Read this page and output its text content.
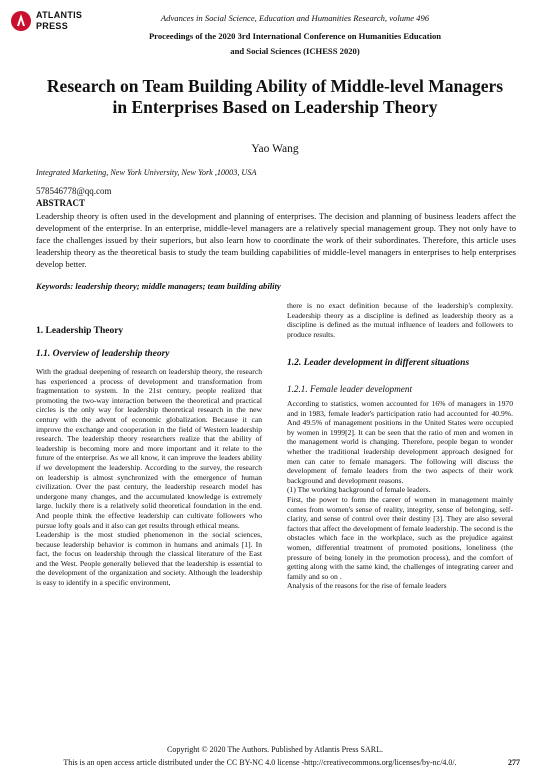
ATLANTIS
PRESS
Advances in Social Science, Education and Humanities Research, volume 496
Proceedings of the 2020 3rd International Conference on Humanities Education
and Social Sciences (ICHESS 2020)
Research on Team Building Ability of Middle-level Managers in Enterprises Based on Leadership Theory
Yao Wang
Integrated Marketing, New York University, New York ,10003, USA
578546778@qq.com
ABSTRACT
Leadership theory is often used in the development and planning of enterprises. The decision and planning of business leaders affect the development of the enterprise. In an enterprise, middle-level managers are a relatively special management group. They not only have to face the challenges issued by their superiors, but also learn how to coordinate the work of their subordinates. Therefore, this article uses leadership theory as the theoretical basis to study the team building capabilities of middle-level managers in enterprises to help enterprises develop better.
Keywords: leadership theory; middle managers; team building ability
1. Leadership Theory
1.1. Overview of leadership theory

With the gradual deepening of research on leadership theory, the research has experienced a process of development and transformation from fragmentation to system. In the 21st century, people realized that promoting the two-way interaction between the theoretical and practical circles is the only way for leadership theoretical research in the new century with the advent of economic globalization. Because it can improve the exchange and cooperation in the field of Western leadership research. The leadership theory researchers realize that the ability of leadership is becoming more and more important and it relate to the future of the enterprise. As we all know, it can improve the leaders ability if we development the leadership. According to the survey, the research on leadership is almost synchronized with the emergence of human civilization. Over the past century, the leadership research model has undergone many changes, and the accumulated knowledge is extremely large. luckily there is a relatively solid theoretical foundation in the end. And people think the effective leadership can cultivate followers who pursue lofty goals and it also can get results through ethical means.

Leadership is the most studied phenomenon in the social sciences, because leadership behavior is common in humans and animals [1]. In fact, the focus on leadership through the classical literature of the East and the West. People generally believed that the leadership is essential to the development of the organization and society. Although the leadership is easy to identify in a specific environment,

there is no exact definition because of the leadership's complexity. Leadership theory as a discipline is defined as leadership theory as a discipline is defined as the mutual influence of leaders and followers to produce results.
1.2. Leader development in different situations
1.2.1. Female leader development

According to statistics, women accounted for 16% of managers in 1970 and in 1983, female leader's participation ratio had accounted for 40.9%. And 49.5% of management positions in the United States were occupied by women in 1999[2]. It can be seen that the ratio of men and women in the management world is changing. Therefore, people began to wonder whether the traditional leadership development approach designed for men can cater to female managers. The following will discuss the development of female leaders from the two aspects of their work background and development reasons.

(1) The working background of female leaders.

First, the power to form the career of women in management mainly comes from women's sense of reality, integrity, sense of belonging, self-clarity, and sense of control over their destiny [3]. They are also several factors that affect the development of female leadership. The second is the obstacles which face in the workplace, such as the prejudice against women, differential treatment of promoted positions, loneliness (the pressure of being lonely in the promotion process), and the comfort of getting along with the same kind, the challenges of integrating career and family and so on .

Analysis of the reasons for the rise of female leaders

Copyright © 2020 The Authors. Published by Atlantis Press SARL.
This is an open access article distributed under the CC BY-NC 4.0 license -http://creativecommons.org/licenses/by-nc/4.0/.	277
